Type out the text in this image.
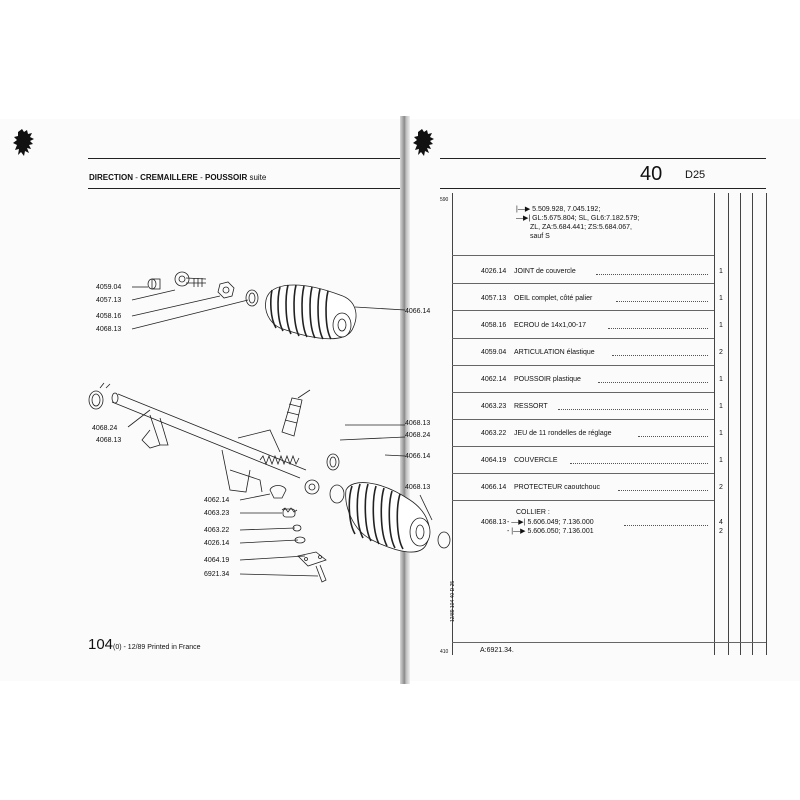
DIRECTION - CREMAILLERE - POUSSOIR suite
4059.04
4057.13
4058.16
4068.13
4066.14
4068.24
4068.13
4068.13
4068.24
4066.14
4068.13
4062.14
4063.23
4063.22
4026.14
4064.19
6921.34
104(0) - 12/89 Printed in France
40 D25
590
12/89 104 40 D 25
410
|—▶ 5.509.928, 7.045.192;
—▶| GL:5.675.804; SL, GL6:7.182.579;
ZL, ZA:5.684.441; ZS:5.684.067,
sauf S
4026.14 JOINT de couvercle	1
4057.13 OEIL complet, côté palier	1
4058.16 ECROU de 14x1,00-17	1
4059.04 ARTICULATION élastique	2
4062.14 POUSSOIR plastique	1
4063.23 RESSORT	1
4063.22 JEU de 11 rondelles de réglage	1
4064.19 COUVERCLE	1
4066.14 PROTECTEUR caoutchouc	2
COLLIER :
4068.13 - —▶| 5.606.049; 7.136.000	4
- |—▶ 5.606.050; 7.136.001	2
A:6921.34.
